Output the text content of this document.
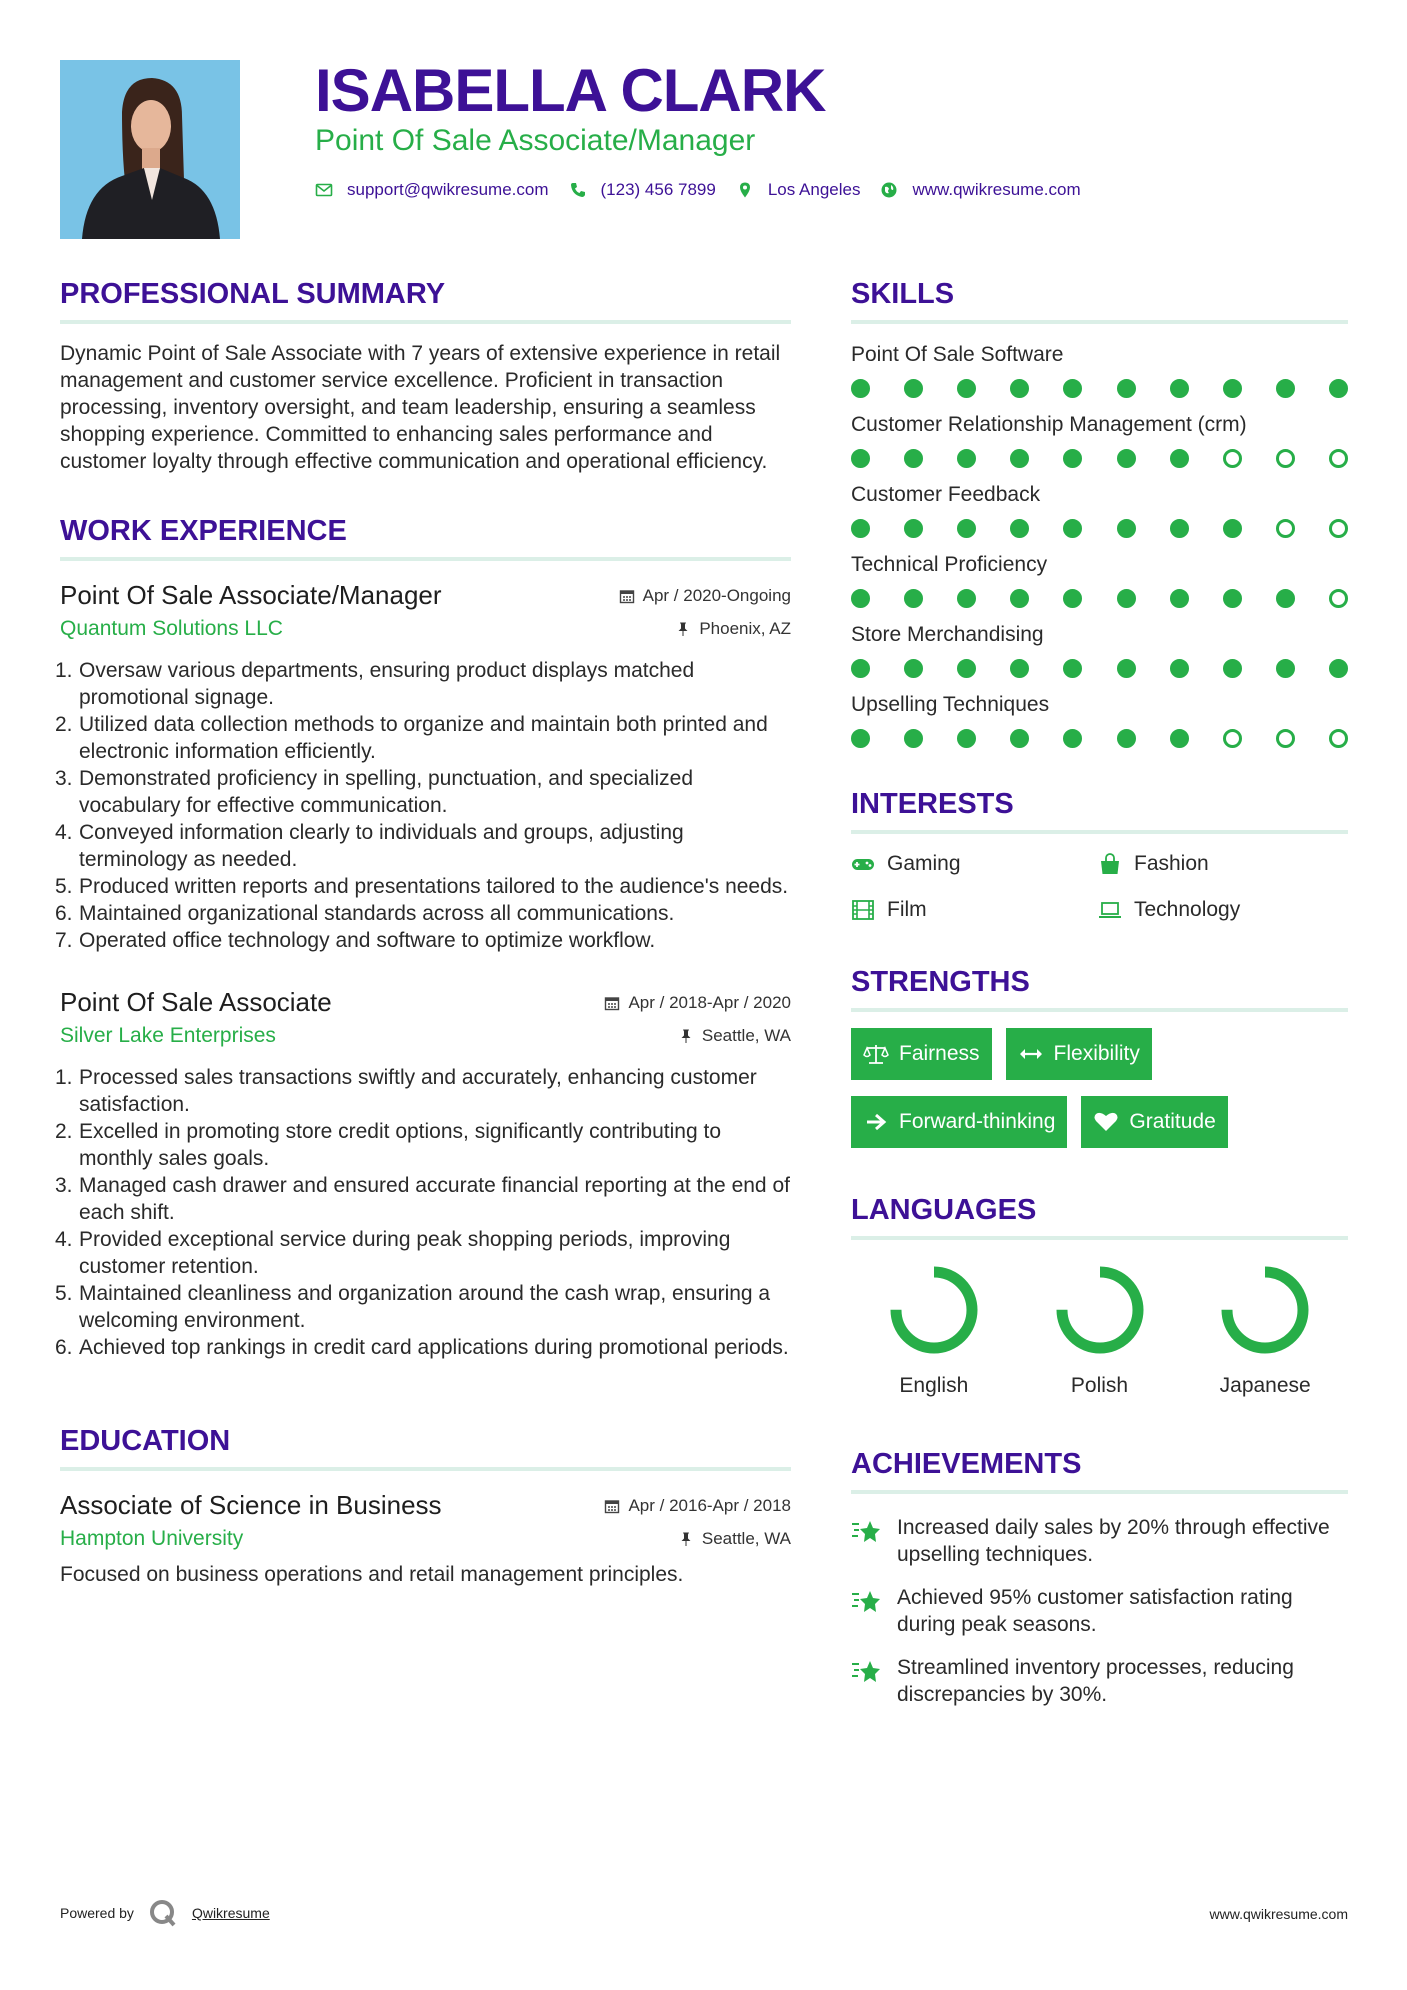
ISABELLA CLARK
Point Of Sale Associate/Manager
support@qwikresume.com	(123) 456 7899	Los Angeles	www.qwikresume.com
PROFESSIONAL SUMMARY

Dynamic Point of Sale Associate with 7 years of extensive experience in retail management and customer service excellence. Proficient in transaction processing, inventory oversight, and team leadership, ensuring a seamless shopping experience. Committed to enhancing sales performance and customer loyalty through effective communication and operational efficiency.

WORK EXPERIENCE
Point Of Sale Associate/Manager	Apr / 2020-Ongoing
Quantum Solutions LLC	Phoenix, AZ
1. Oversaw various departments, ensuring product displays matched promotional signage.
2. Utilized data collection methods to organize and maintain both printed and electronic information efficiently.
3. Demonstrated proficiency in spelling, punctuation, and specialized vocabulary for effective communication.
4. Conveyed information clearly to individuals and groups, adjusting terminology as needed.
5. Produced written reports and presentations tailored to the audience's needs.
6. Maintained organizational standards across all communications.
7. Operated office technology and software to optimize workflow.
Point Of Sale Associate	Apr / 2018-Apr / 2020
Silver Lake Enterprises	Seattle, WA
1. Processed sales transactions swiftly and accurately, enhancing customer satisfaction.
2. Excelled in promoting store credit options, significantly contributing to monthly sales goals.
3. Managed cash drawer and ensured accurate financial reporting at the end of each shift.
4. Provided exceptional service during peak shopping periods, improving customer retention.
5. Maintained cleanliness and organization around the cash wrap, ensuring a welcoming environment.
6. Achieved top rankings in credit card applications during promotional periods.
EDUCATION
Associate of Science in Business	Apr / 2016-Apr / 2018
Hampton University	Seattle, WA

Focused on business operations and retail management principles.

SKILLS
Point Of Sale Software
Customer Relationship Management (crm)
Customer Feedback
Technical Proficiency
Store Merchandising
Upselling Techniques
INTERESTS
Gaming	Fashion
Film	Technology
STRENGTHS
Fairness	Flexibility
Forward-thinking	Gratitude
LANGUAGES
English	Polish	Japanese
ACHIEVEMENTS
Increased daily sales by 20% through effective upselling techniques.
Achieved 95% customer satisfaction rating during peak seasons.
Streamlined inventory processes, reducing discrepancies by 30%.
Powered by	Qwikresume	www.qwikresume.com
